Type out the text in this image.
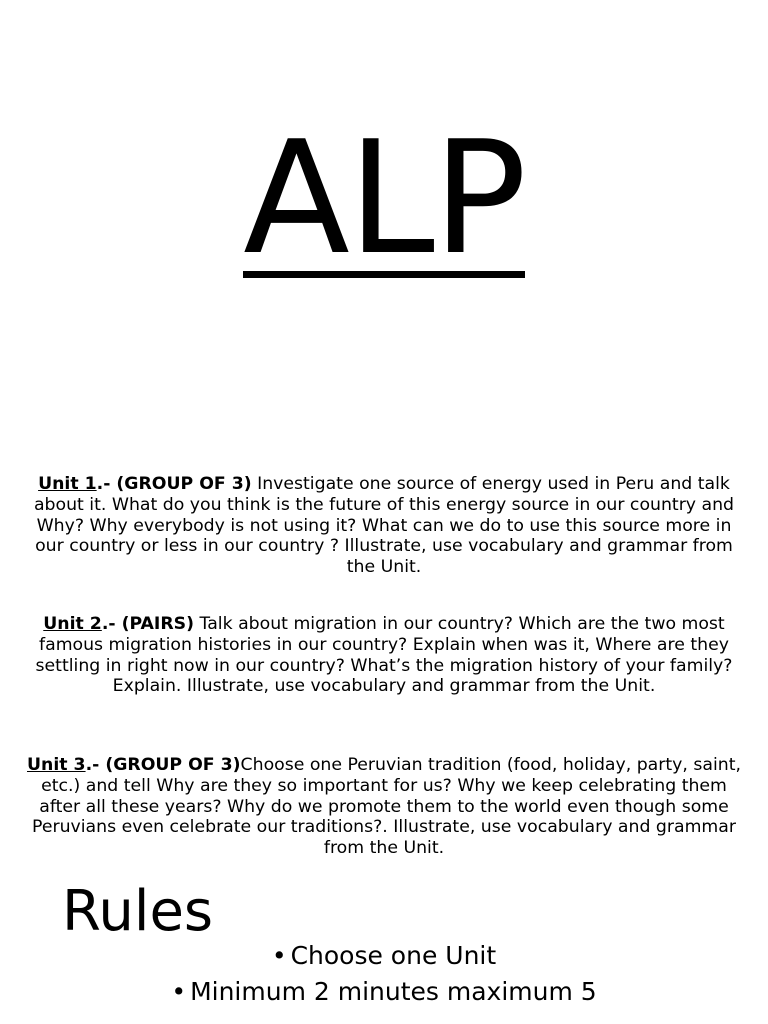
ALP
Unit 1.- (GROUP OF 3) Investigate one source of energy used in Peru and talk about it. What do you think is the future of this energy source in our country and Why? Why everybody is not using it? What can we do to use this source more in our country or less in our country ? Illustrate, use vocabulary and grammar from the Unit.
Unit 2.- (PAIRS) Talk about migration in our country? Which are the two most famous migration histories in our country? Explain when was it, Where are they settling in right now in our country? What’s the migration history of your family? Explain. Illustrate, use vocabulary and grammar from the Unit.
Unit 3.- (GROUP OF 3)Choose one Peruvian tradition (food, holiday, party, saint, etc.) and tell Why are they so important for us? Why we keep celebrating them after all these years? Why do we promote them to the world even though some Peruvians even celebrate our traditions?. Illustrate, use vocabulary and grammar from the Unit.
Rules
• Choose one Unit
• Minimum 2 minutes maximum 5
